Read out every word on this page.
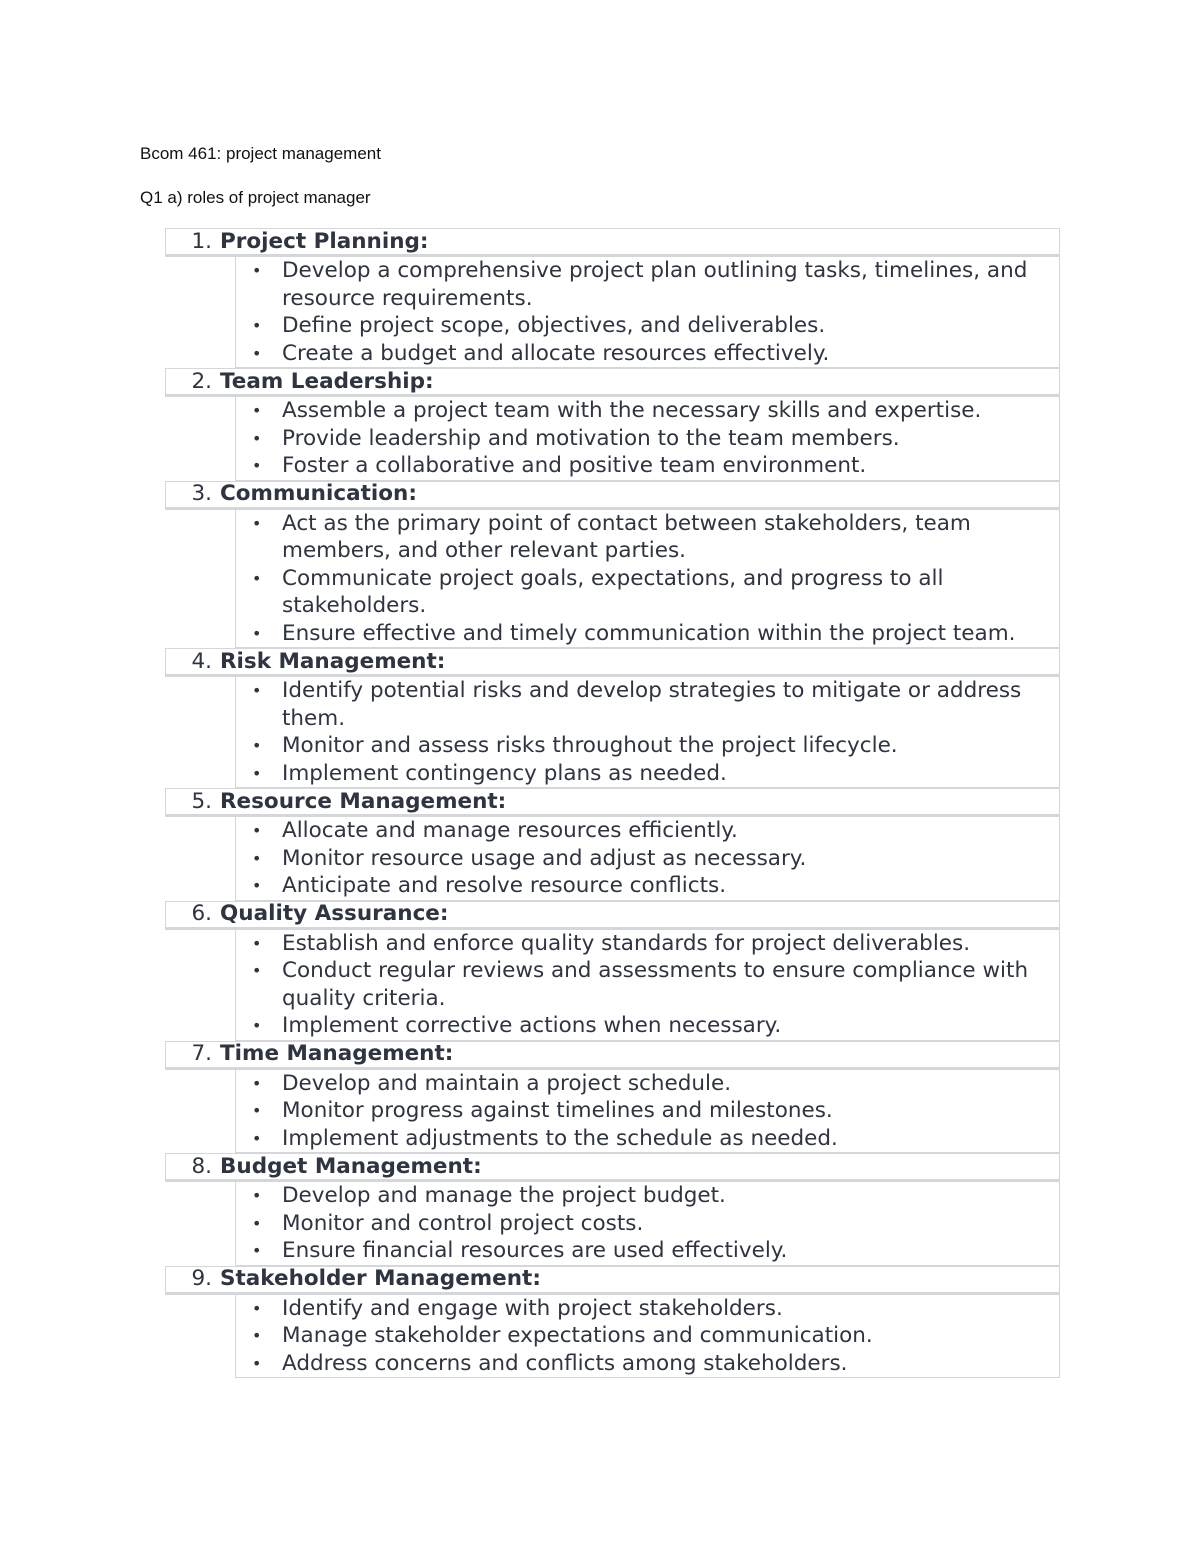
Bcom 461: project management
Q1 a) roles of project manager
1. Project Planning:
• Develop a comprehensive project plan outlining tasks, timelines, and resource requirements.
• Define project scope, objectives, and deliverables.
• Create a budget and allocate resources effectively.
2. Team Leadership:
• Assemble a project team with the necessary skills and expertise.
• Provide leadership and motivation to the team members.
• Foster a collaborative and positive team environment.
3. Communication:
• Act as the primary point of contact between stakeholders, team members, and other relevant parties.
• Communicate project goals, expectations, and progress to all stakeholders.
• Ensure effective and timely communication within the project team.
4. Risk Management:
• Identify potential risks and develop strategies to mitigate or address them.
• Monitor and assess risks throughout the project lifecycle.
• Implement contingency plans as needed.
5. Resource Management:
• Allocate and manage resources efficiently.
• Monitor resource usage and adjust as necessary.
• Anticipate and resolve resource conflicts.
6. Quality Assurance:
• Establish and enforce quality standards for project deliverables.
• Conduct regular reviews and assessments to ensure compliance with quality criteria.
• Implement corrective actions when necessary.
7. Time Management:
• Develop and maintain a project schedule.
• Monitor progress against timelines and milestones.
• Implement adjustments to the schedule as needed.
8. Budget Management:
• Develop and manage the project budget.
• Monitor and control project costs.
• Ensure financial resources are used effectively.
9. Stakeholder Management:
• Identify and engage with project stakeholders.
• Manage stakeholder expectations and communication.
• Address concerns and conflicts among stakeholders.
